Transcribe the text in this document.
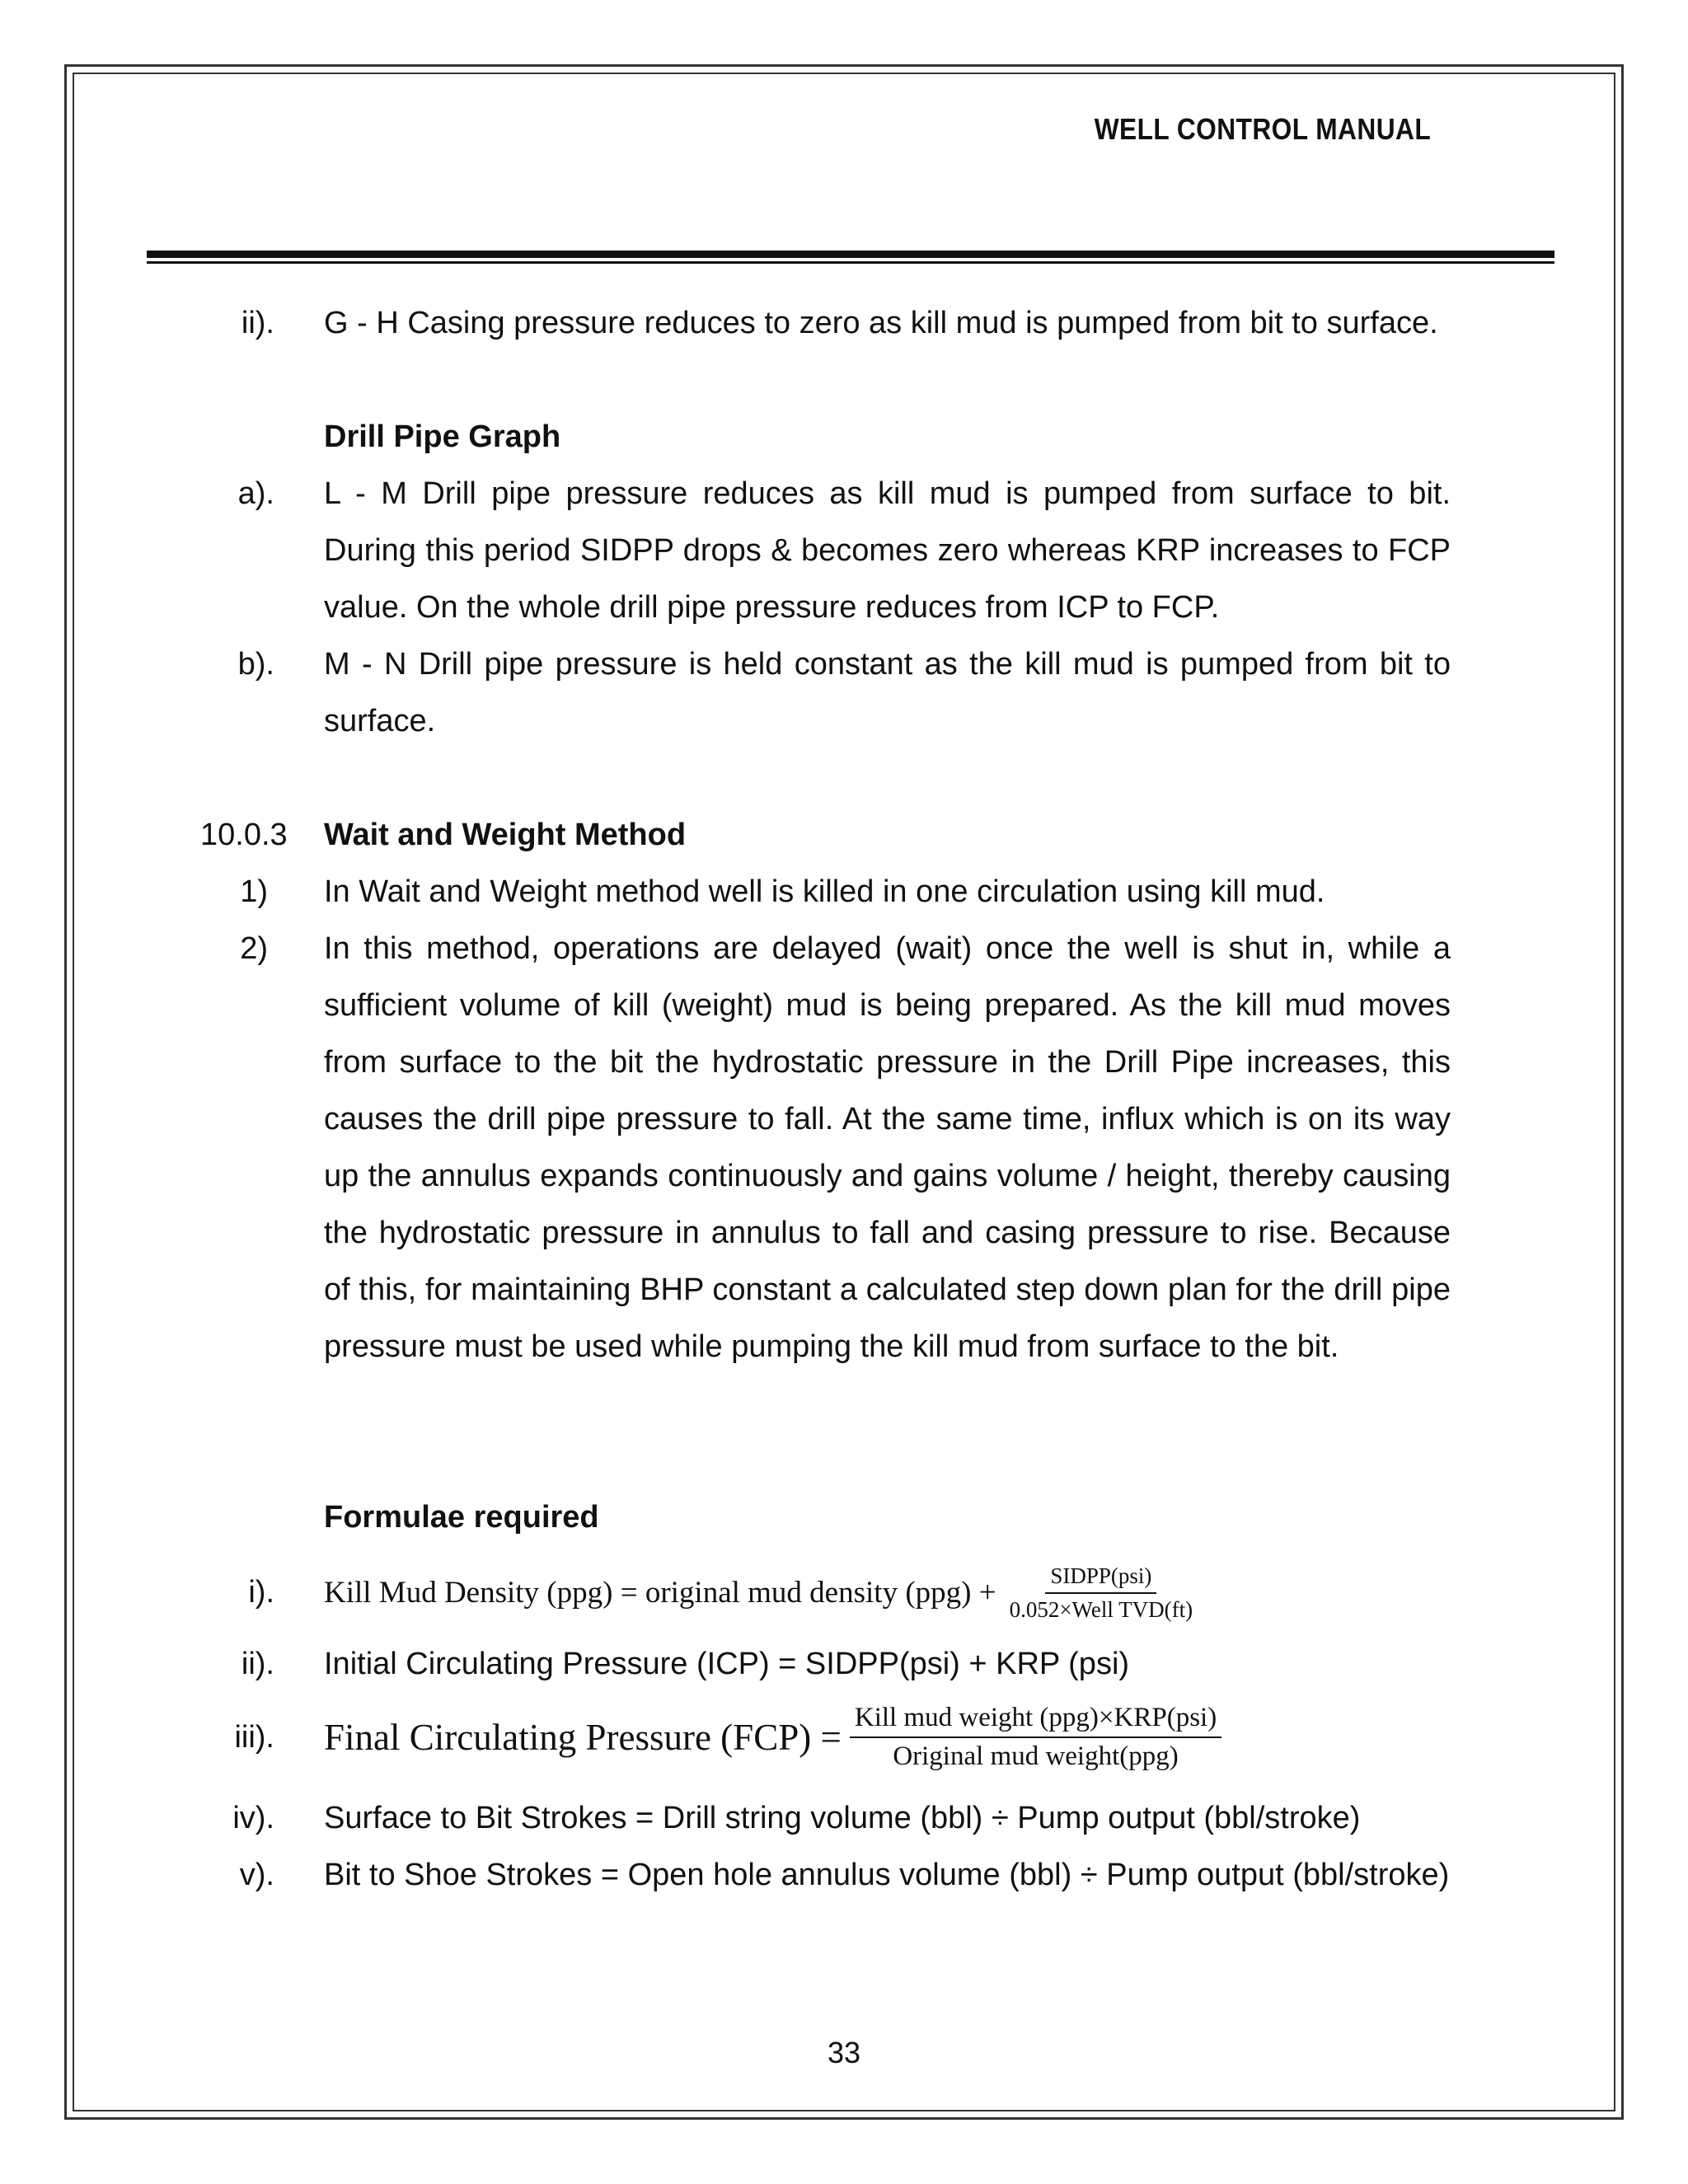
WELL CONTROL MANUAL
ii). G - H Casing pressure reduces to zero as kill mud is pumped from bit to surface.
Drill Pipe Graph
a). L - M Drill pipe pressure reduces as kill mud is pumped from surface to bit. During this period SIDPP drops & becomes zero whereas KRP increases to FCP value. On the whole drill pipe pressure reduces from ICP to FCP.
b). M - N Drill pipe pressure is held constant as the kill mud is pumped from bit to surface.
10.0.3 Wait and Weight Method
1) In Wait and Weight method well is killed in one circulation using kill mud.
2) In this method, operations are delayed (wait) once the well is shut in, while a sufficient volume of kill (weight) mud is being prepared. As the kill mud moves from surface to the bit the hydrostatic pressure in the Drill Pipe increases, this causes the drill pipe pressure to fall. At the same time, influx which is on its way up the annulus expands continuously and gains volume / height, thereby causing the hydrostatic pressure in annulus to fall and casing pressure to rise. Because of this, for maintaining BHP constant a calculated step down plan for the drill pipe pressure must be used while pumping the kill mud from surface to the bit.
Formulae required
i). Kill Mud Density (ppg) = original mud density $(ppg) + \frac{\text{SIDPP(psi)}}{\text{0.052×Well TVD(ft)}}$
ii). Initial Circulating Pressure (ICP) = SIDPP(psi) + KRP (psi)
iii). Final Circulating Pressure $(FCP) = \frac{\text{Kill mud weight (ppg)×KRP(psi)}}{\text{Original mud weight(ppg)}}$
iv). Surface to Bit Strokes = Drill string volume (bbl) ÷ Pump output (bbl/stroke)
v). Bit to Shoe Strokes = Open hole annulus volume (bbl) ÷ Pump output (bbl/stroke)
33
